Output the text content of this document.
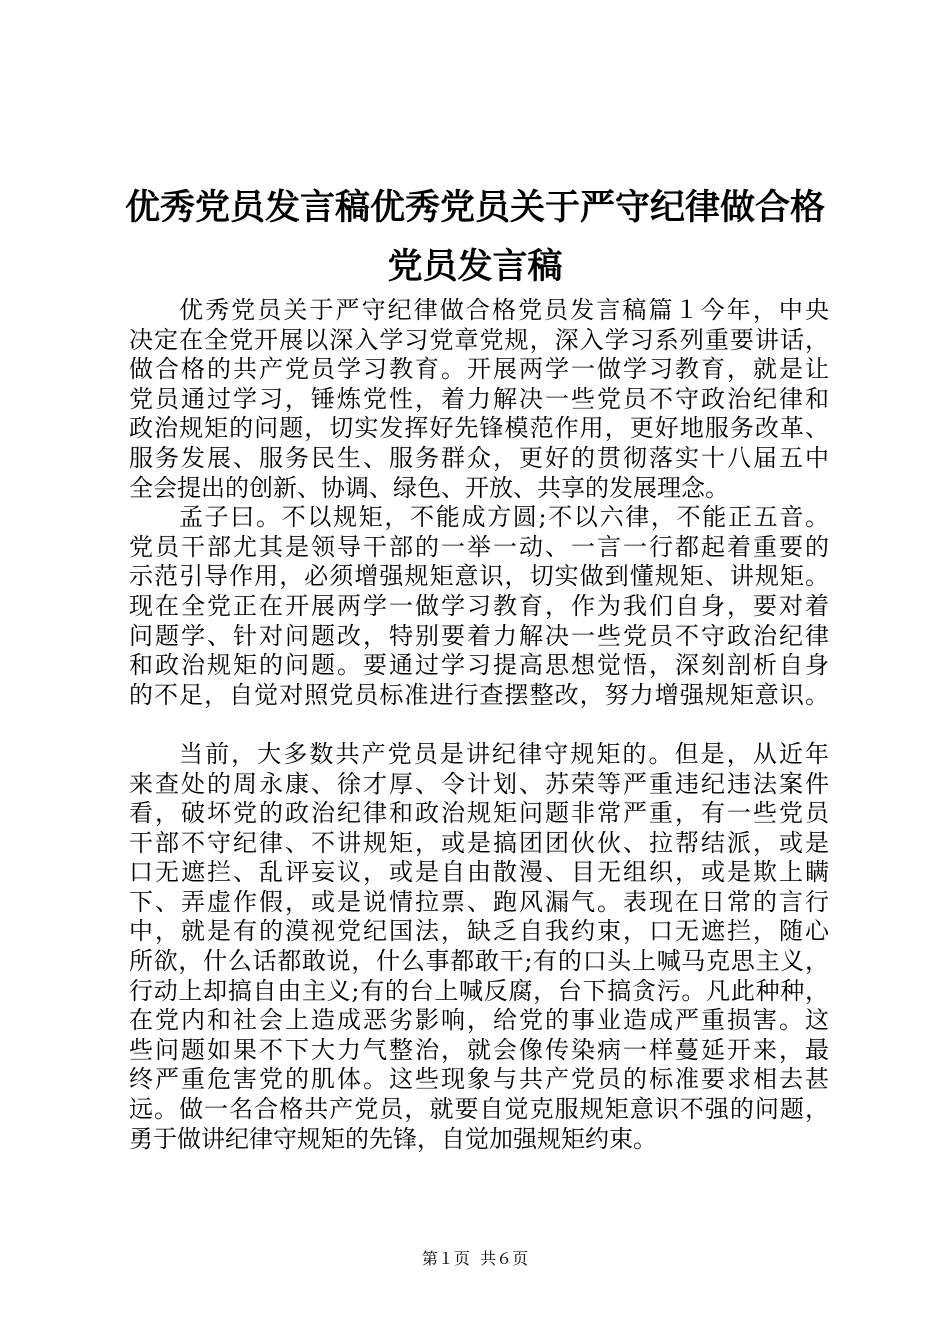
优秀党员发言稿优秀党员关于严守纪律做合格
党员发言稿
优秀党员关于严守纪律做合格党员发言稿篇１今年，中央
决定在全党开展以深入学习党章党规，深入学习系列重要讲话，
做合格的共产党员学习教育。开展两学一做学习教育，就是让
党员通过学习，锤炼党性，着力解决一些党员不守政治纪律和
政治规矩的问题，切实发挥好先锋模范作用，更好地服务改革、
服务发展、服务民生、服务群众，更好的贯彻落实十八届五中
全会提出的创新、协调、绿色、开放、共享的发展理念。
孟子曰。不以规矩，不能成方圆;不以六律，不能正五音。
党员干部尤其是领导干部的一举一动、一言一行都起着重要的
示范引导作用，必须增强规矩意识，切实做到懂规矩、讲规矩。
现在全党正在开展两学一做学习教育，作为我们自身，要对着
问题学、针对问题改，特别要着力解决一些党员不守政治纪律
和政治规矩的问题。要通过学习提高思想觉悟，深刻剖析自身
的不足，自觉对照党员标准进行查摆整改，努力增强规矩意识。
当前，大多数共产党员是讲纪律守规矩的。但是，从近年
来查处的周永康、徐才厚、令计划、苏荣等严重违纪违法案件
看，破坏党的政治纪律和政治规矩问题非常严重，有一些党员
干部不守纪律、不讲规矩，或是搞团团伙伙、拉帮结派，或是
口无遮拦、乱评妄议，或是自由散漫、目无组织，或是欺上瞒
下、弄虚作假，或是说情拉票、跑风漏气。表现在日常的言行
中，就是有的漠视党纪国法，缺乏自我约束，口无遮拦，随心
所欲，什么话都敢说，什么事都敢干;有的口头上喊马克思主义，
行动上却搞自由主义;有的台上喊反腐，台下搞贪污。凡此种种，
在党内和社会上造成恶劣影响，给党的事业造成严重损害。这
些问题如果不下大力气整治，就会像传染病一样蔓延开来，最
终严重危害党的肌体。这些现象与共产党员的标准要求相去甚
远。做一名合格共产党员，就要自觉克服规矩意识不强的问题，
勇于做讲纪律守规矩的先锋，自觉加强规矩约束。
第１页  共６页
